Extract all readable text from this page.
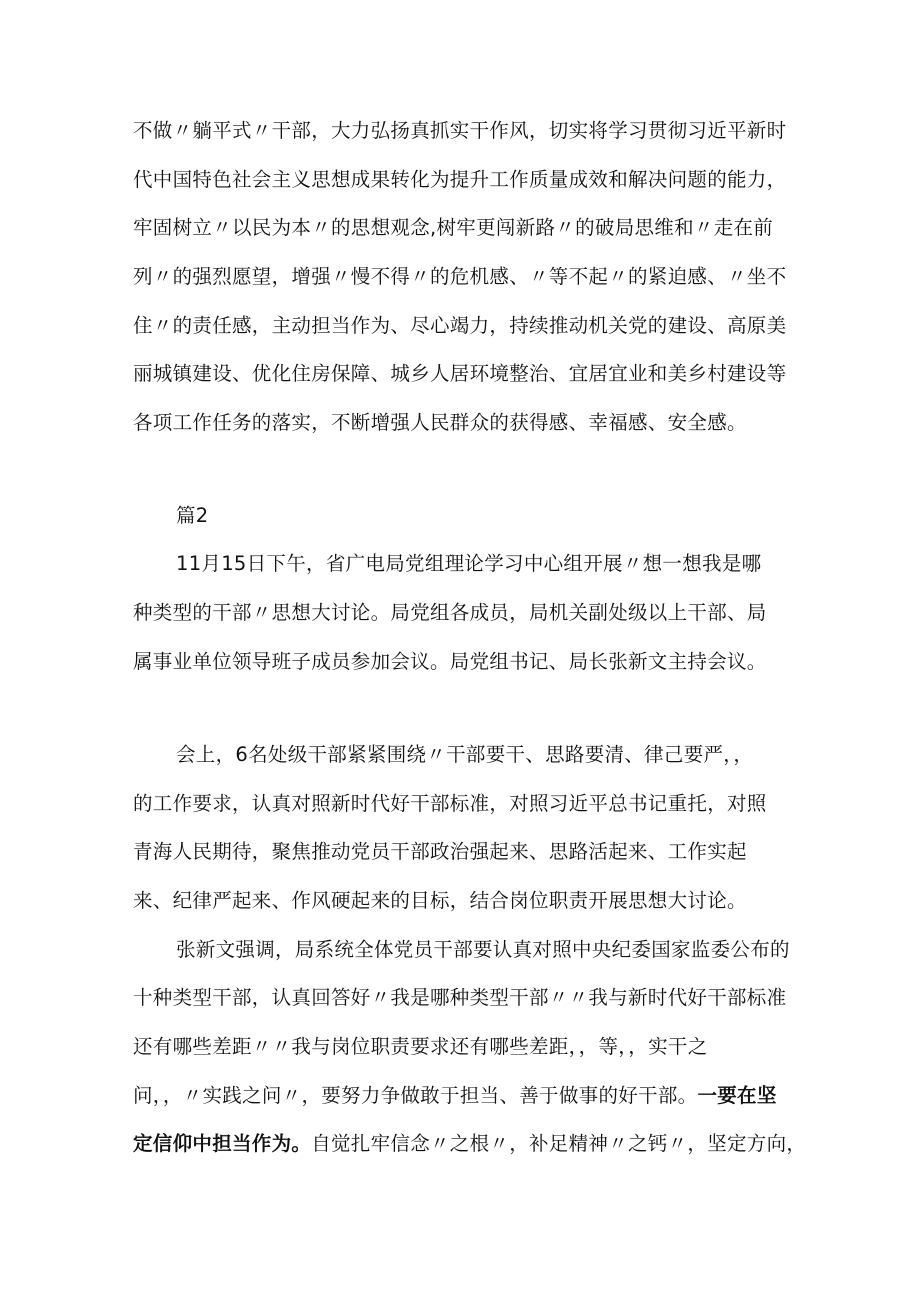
不做〃躺平式〃干部，大力弘扬真抓实干作风，切实将学习贯彻习近平新时
代中国特色社会主义思想成果转化为提升工作质量成效和解决问题的能力，
牢固树立〃以民为本〃的思想观念,树牢更闯新路〃的破局思维和〃走在前
列〃的强烈愿望，增强〃慢不得〃的危机感、〃等不起〃的紧迫感、〃坐不
住〃的责任感，主动担当作为、尽心竭力，持续推动机关党的建设、高原美
丽城镇建设、优化住房保障、城乡人居环境整治、宜居宜业和美乡村建设等
各项工作任务的落实，不断增强人民群众的获得感、幸福感、安全感。
篇2
11月15日下午，省广电局党组理论学习中心组开展〃想一想我是哪
种类型的干部〃思想大讨论。局党组各成员，局机关副处级以上干部、局
属事业单位领导班子成员参加会议。局党组书记、局长张新文主持会议。
会上，6名处级干部紧紧围绕〃干部要干、思路要清、律己要严，，
的工作要求，认真对照新时代好干部标准，对照习近平总书记重托，对照
青海人民期待，聚焦推动党员干部政治强起来、思路活起来、工作实起
来、纪律严起来、作风硬起来的目标，结合岗位职责开展思想大讨论。
张新文强调，局系统全体党员干部要认真对照中央纪委国家监委公布的
十种类型干部，认真回答好〃我是哪种类型干部〃〃我与新时代好干部标准
还有哪些差距〃〃我与岗位职责要求还有哪些差距，，等，，实干之
问，，〃实践之问〃，要努力争做敢于担当、善于做事的好干部。一要在坚
定信仰中担当作为。自觉扎牢信念〃之根〃，补足精神〃之钙〃，坚定方向，
